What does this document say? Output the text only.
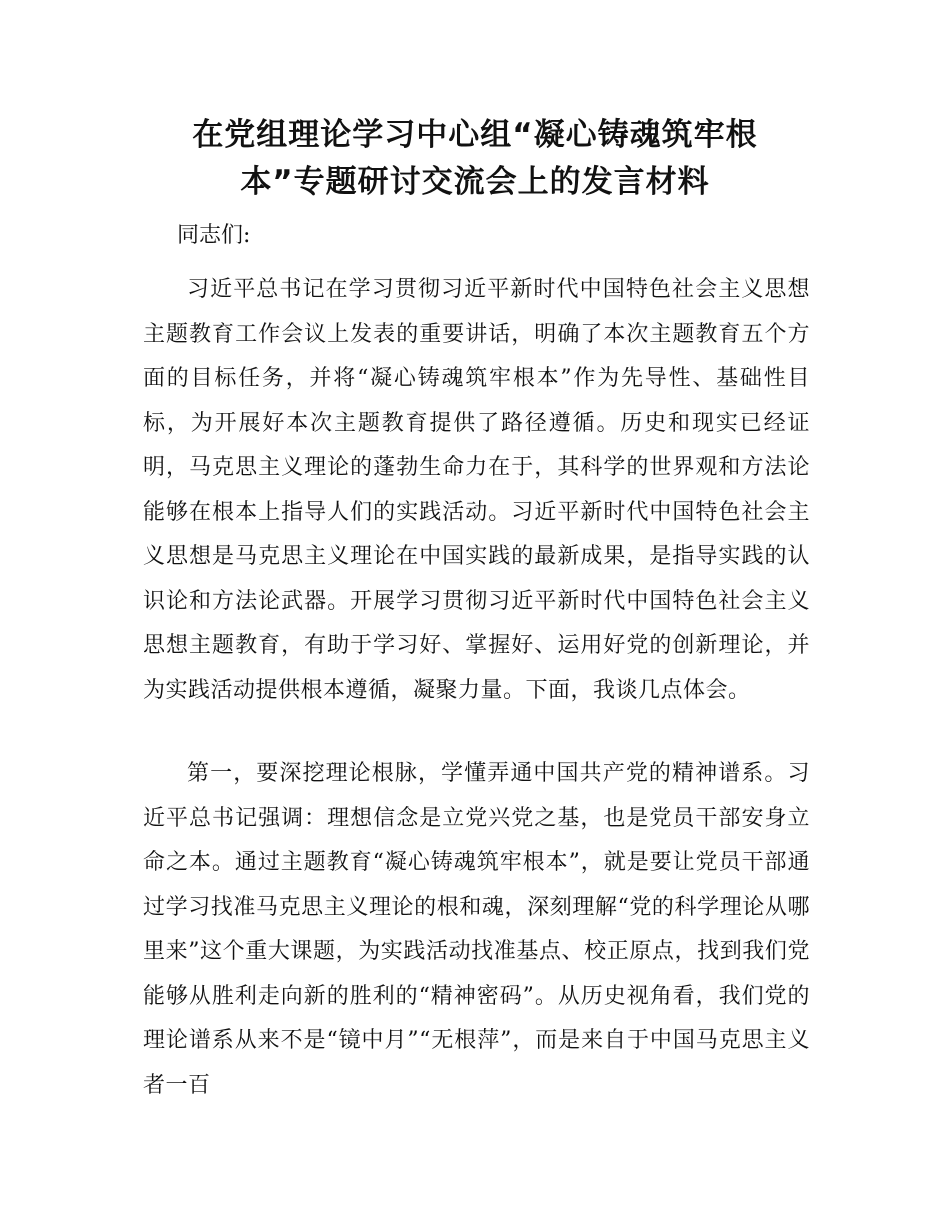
在党组理论学习中心组“凝心铸魂筑牢根
本”专题研讨交流会上的发言材料
同志们:

习近平总书记在学习贯彻习近平新时代中国特色社会主义思想主题教育工作会议上发表的重要讲话，明确了本次主题教育五个方面的目标任务，并将“凝心铸魂筑牢根本”作为先导性、基础性目标，为开展好本次主题教育提供了路径遵循。历史和现实已经证明，马克思主义理论的蓬勃生命力在于，其科学的世界观和方法论能够在根本上指导人们的实践活动。习近平新时代中国特色社会主义思想是马克思主义理论在中国实践的最新成果，是指导实践的认识论和方法论武器。开展学习贯彻习近平新时代中国特色社会主义思想主题教育，有助于学习好、掌握好、运用好党的创新理论，并为实践活动提供根本遵循，凝聚力量。下面，我谈几点体会。

第一，要深挖理论根脉，学懂弄通中国共产党的精神谱系。习近平总书记强调：理想信念是立党兴党之基，也是党员干部安身立命之本。通过主题教育“凝心铸魂筑牢根本”，就是要让党员干部通过学习找准马克思主义理论的根和魂，深刻理解“党的科学理论从哪里来”这个重大课题，为实践活动找准基点、校正原点，找到我们党能够从胜利走向新的胜利的“精神密码”。从历史视角看，我们党的理论谱系从来不是“镜中月”“无根萍”，而是来自于中国马克思主义者一百
